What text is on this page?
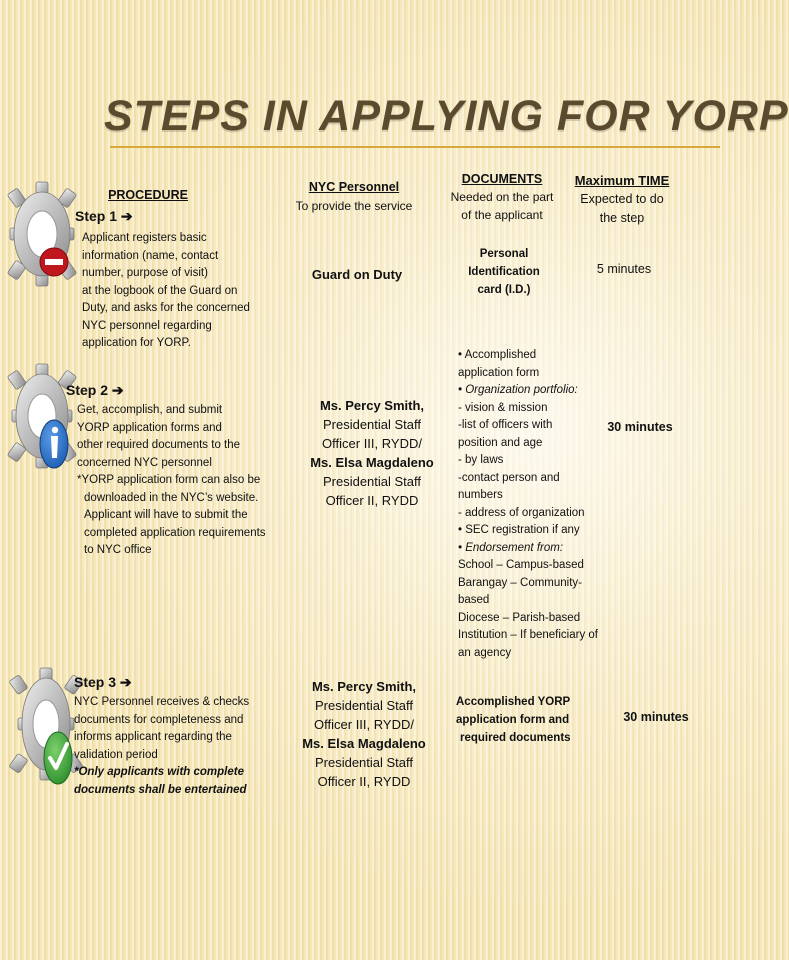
STEPS IN APPLYING FOR YORP
PROCEDURE
NYC Personnel
To provide the service
DOCUMENTS
Needed on the part
of the applicant
Maximum TIME
Expected to do
the step
Step 1 ➔
Applicant registers basic
information (name, contact
number, purpose of visit)
at the logbook of the Guard on
Duty, and asks for the concerned
NYC personnel regarding
application for YORP.
Guard on Duty
Personal
Identification
card (I.D.)
5 minutes
Step 2 ➔
Get, accomplish, and submit
YORP application forms and
other required documents to the
concerned NYC personnel
*YORP application form can also be
downloaded in the NYC’s website.
Applicant will have to submit the
completed application requirements
to NYC office
Ms. Percy Smith,
Presidential Staff
Officer III, RYDD/
Ms. Elsa Magdaleno
Presidential Staff
Officer II, RYDD
• Accomplished
application form
• Organization portfolio:
- vision & mission
-list of officers with
position and age
- by laws
-contact person and
numbers
- address of organization
• SEC registration if any
• Endorsement from:
School – Campus-based
Barangay – Community-
based
Diocese – Parish-based
Institution – If beneficiary of
an agency
30 minutes
Step 3 ➔
NYC Personnel receives & checks
documents for completeness and
informs applicant regarding the
validation period
*Only applicants with complete
documents shall be entertained
Ms. Percy Smith,
Presidential Staff
Officer III, RYDD/
Ms. Elsa Magdaleno
Presidential Staff
Officer II, RYDD
Accomplished YORP
application form and
required documents
30 minutes
